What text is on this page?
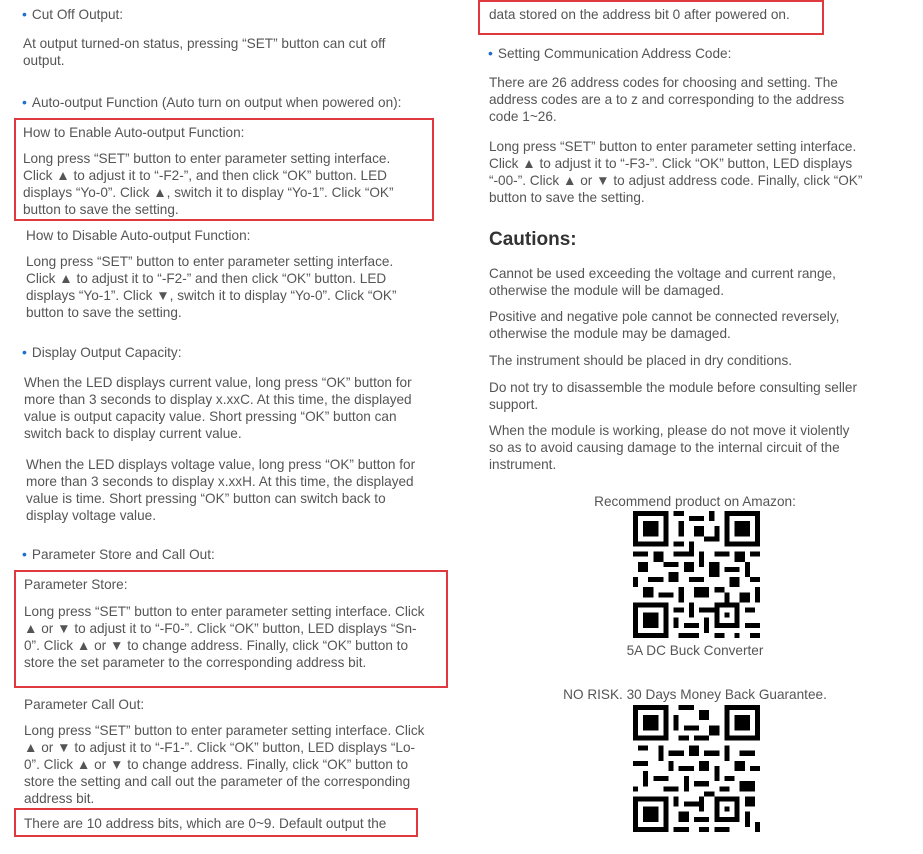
• Cut Off Output:

At output turned-on status, pressing “SET” button can cut off output.

• Auto-output Function (Auto turn on output when powered on):

How to Enable Auto-output Function:

Long press “SET” button to enter parameter setting interface. Click ▲ to adjust it to “-F2-”, and then click “OK” button. LED displays “Yo-0”. Click ▲, switch it to display “Yo-1”. Click “OK” button to save the setting.

How to Disable Auto-output Function:

Long press “SET” button to enter parameter setting interface. Click ▲ to adjust it to “-F2-” and then click “OK” button. LED displays “Yo-1”. Click ▼, switch it to display “Yo-0”. Click “OK” button to save the setting.

• Display Output Capacity:

When the LED displays current value, long press “OK” button for more than 3 seconds to display x.xxC. At this time, the displayed value is output capacity value. Short pressing “OK” button can switch back to display current value.

When the LED displays voltage value, long press “OK” button for more than 3 seconds to display x.xxH. At this time, the displayed value is time. Short pressing “OK” button can switch back to display voltage value.

• Parameter Store and Call Out:

Parameter Store:

Long press “SET” button to enter parameter setting interface. Click ▲ or ▼ to adjust it to “-F0-”. Click “OK” button, LED displays “Sn-0”. Click ▲ or ▼ to change address. Finally, click “OK” button to store the set parameter to the corresponding address bit.

Parameter Call Out:

Long press “SET” button to enter parameter setting interface. Click ▲ or ▼ to adjust it to “-F1-”. Click “OK” button, LED displays “Lo-0”. Click ▲ or ▼ to change address. Finally, click “OK” button to store the setting and call out the parameter of the corresponding address bit.

There are 10 address bits, which are 0~9. Default output the

data stored on the address bit 0 after powered on.

• Setting Communication Address Code:

There are 26 address codes for choosing and setting. The address codes are a to z and corresponding to the address code 1~26.

Long press “SET” button to enter parameter setting interface. Click ▲ to adjust it to “-F3-”. Click “OK” button, LED displays “-00-”. Click ▲ or ▼ to adjust address code. Finally, click “OK” button to save the setting.

Cautions:

Cannot be used exceeding the voltage and current range, otherwise the module will be damaged.

Positive and negative pole cannot be connected reversely, otherwise the module may be damaged.

The instrument should be placed in dry conditions.

Do not try to disassemble the module before consulting seller support.

When the module is working, please do not move it violently so as to avoid causing damage to the internal circuit of the instrument.

Recommend product on Amazon:

5A DC Buck Converter

NO RISK. 30 Days Money Back Guarantee.
